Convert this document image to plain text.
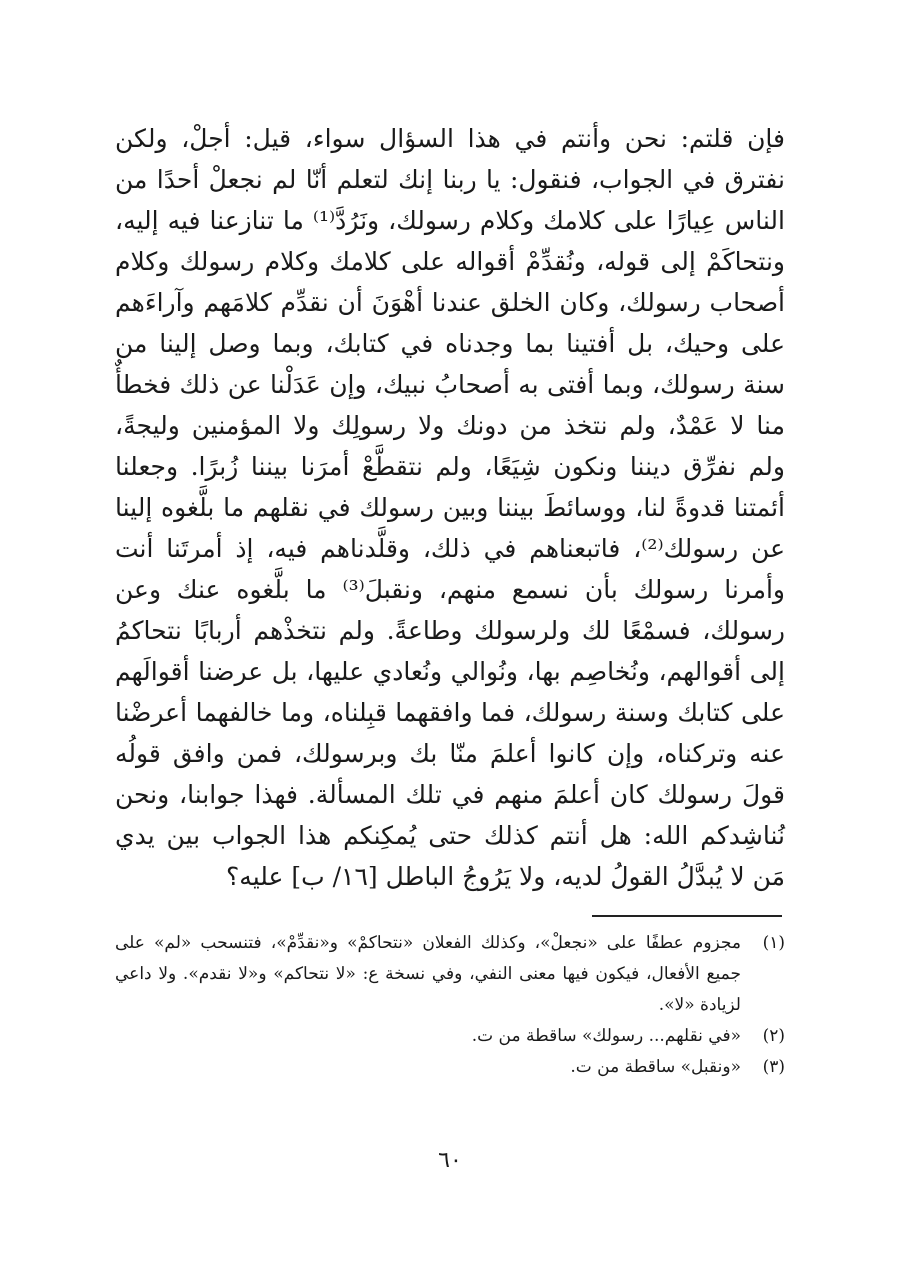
فإن قلتم: نحن وأنتم في هذا السؤال سواء، قيل: أجلْ، ولكن نفترق في الجواب، فنقول: يا ربنا إنك لتعلم أنّا لم نجعلْ أحدًا من الناس عِيارًا على كلامك وكلام رسولك، ونَرُدَّ⁽¹⁾ ما تنازعنا فيه إليه، ونتحاكَمْ إلى قوله، ونُقدِّمْ أقواله على كلامك وكلام رسولك وكلام أصحاب رسولك، وكان الخلق عندنا أهْوَنَ أن نقدِّم كلامَهم وآراءَهم على وحيك، بل أفتينا بما وجدناه في كتابك، وبما وصل إلينا من سنة رسولك، وبما أفتى به أصحابُ نبيك، وإن عَدَلْنا عن ذلك فخطأٌ منا لا عَمْدٌ، ولم نتخذ من دونك ولا رسولِك ولا المؤمنين وليجةً، ولم نفرِّق ديننا ونكون شِيَعًا، ولم نتقطَّعْ أمرَنا بيننا زُبرًا. وجعلنا أئمتنا قدوةً لنا، ووسائطَ بيننا وبين رسولك في نقلهم ما بلَّغوه إلينا عن رسولك⁽²⁾، فاتبعناهم في ذلك، وقلَّدناهم فيه، إذ أمرتَنا أنت وأمرنا رسولك بأن نسمع منهم، ونقبلَ⁽³⁾ ما بلَّغوه عنك وعن رسولك، فسمْعًا لك ولرسولك وطاعةً. ولم نتخذْهم أربابًا نتحاكمُ إلى أقوالهم، ونُخاصِم بها، ونُوالي ونُعادي عليها، بل عرضنا أقوالَهم على كتابك وسنة رسولك، فما وافقهما قبِلناه، وما خالفهما أعرضْنا عنه وتركناه، وإن كانوا أعلمَ منّا بك وبرسولك، فمن وافق قولُه قولَ رسولك كان أعلمَ منهم في تلك المسألة. فهذا جوابنا، ونحن نُناشِدكم الله: هل أنتم كذلك حتى يُمكِنكم هذا الجواب بين يدي مَن لا يُبدَّلُ القولُ لديه، ولا يَرُوجُ الباطل [١٦/ ب] عليه؟

(١)
مجزوم عطفًا على «نجعلْ»، وكذلك الفعلان «نتحاكمْ» و«نقدِّمْ»، فتنسحب «لم» على جميع الأفعال، فيكون فيها معنى النفي، وفي نسخة ع: «لا نتحاكم» و«لا نقدم». ولا داعي لزيادة «لا».
(٢)
«في نقلهم... رسولك» ساقطة من ت.
(٣)
«ونقبل» ساقطة من ت.
٦٠
